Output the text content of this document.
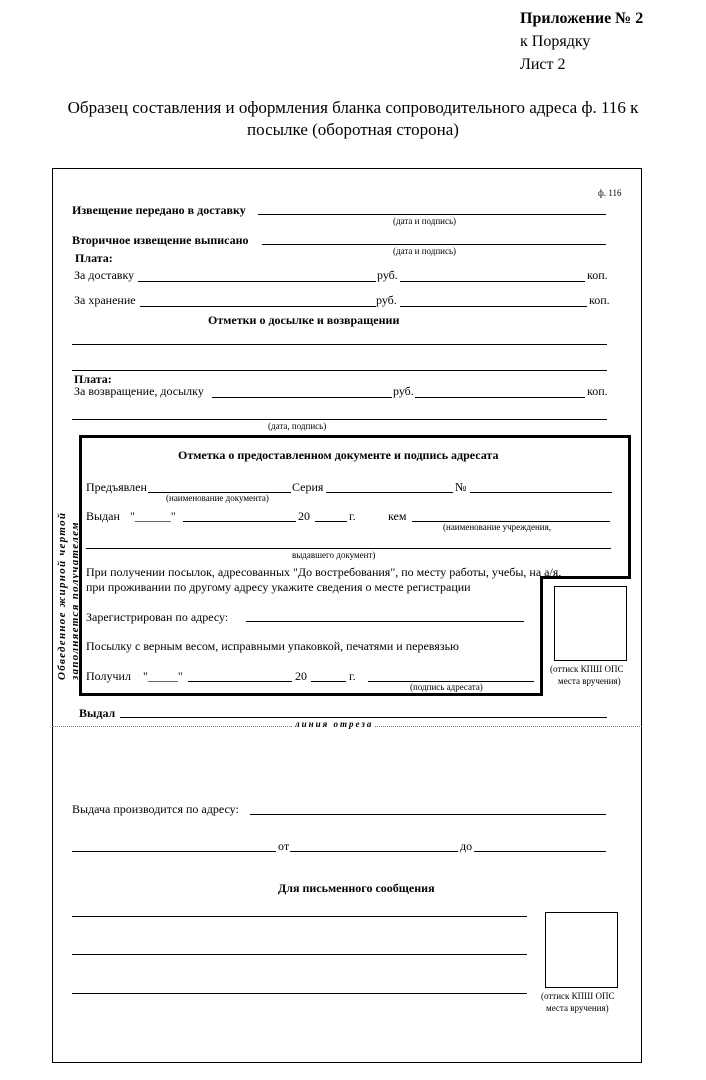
Приложение № 2
к Порядку
Лист 2
Образец составления и оформления бланка сопроводительного адреса ф. 116 к
посылке (оборотная сторона)
ф. 116
Извещение передано в доставку
(дата и подпись)
Вторичное извещение выписано
(дата и подпись)
Плата:
За доставку	руб.	коп.
За хранение	руб.	коп.
Отметки о досылке и возвращении
Плата:
За возвращение, досылку	руб.	коп.
(дата, подпись)
Обведенное жирной чертой заполняется получателем
Отметка о предоставленном документе и подпись адресата
Предъявлен	Серия	№
(наименование документа)
Выдан "______"	20	г.	кем
(наименование учреждения,
выдавшего документ)
При получении посылок, адресованных "До востребования", по месту работы, учебы, на а/я,
при проживании по другому адресу укажите сведения о месте регистрации
Зарегистрирован по адресу:
Посылку с верным весом, исправными упаковкой, печатями и перевязью
Получил "_____"	20	г.
(подпись адресата)
(оттиск КПШ ОПС
места вручения)
Выдал
линия отреза
Выдача производится по адресу:
от	до
Для письменного сообщения
(оттиск КПШ ОПС
места вручения)
